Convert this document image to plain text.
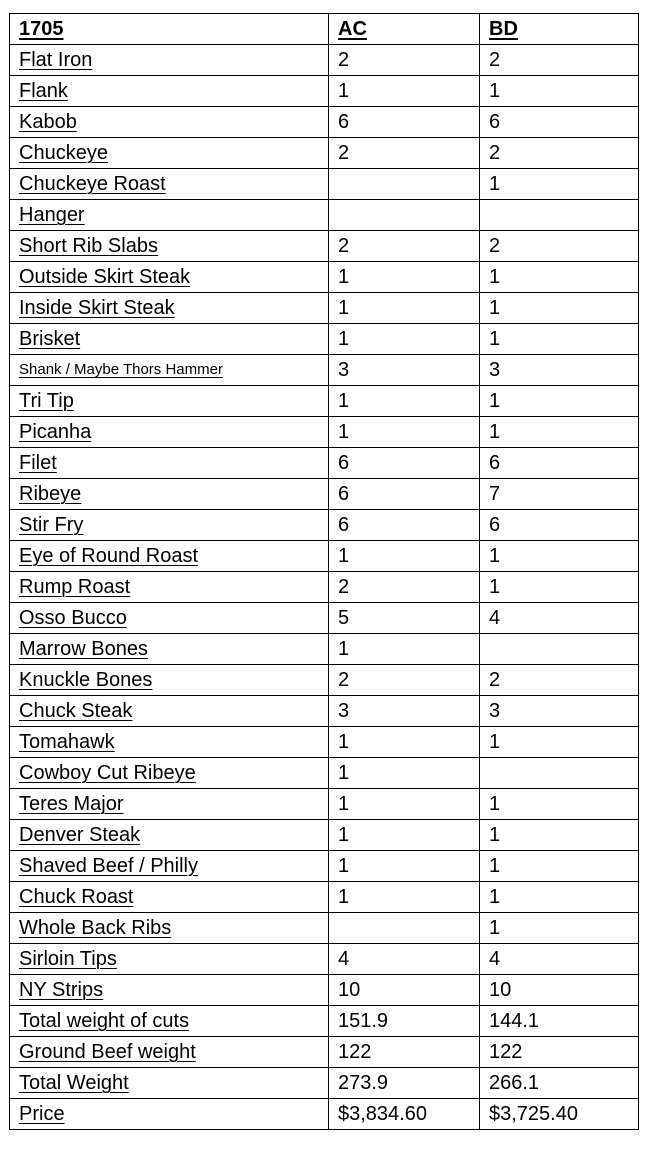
1705	AC	BD
Flat Iron	2	2
Flank	1	1
Kabob	6	6
Chuckeye	2	2
Chuckeye Roast		1
Hanger		
Short Rib Slabs	2	2
Outside Skirt Steak	1	1
Inside Skirt Steak	1	1
Brisket	1	1
Shank / Maybe Thors Hammer	3	3
Tri Tip	1	1
Picanha	1	1
Filet	6	6
Ribeye	6	7
Stir Fry	6	6
Eye of Round Roast	1	1
Rump Roast	2	1
Osso Bucco	5	4
Marrow Bones	1	
Knuckle Bones	2	2
Chuck Steak	3	3
Tomahawk	1	1
Cowboy Cut Ribeye	1	
Teres Major	1	1
Denver Steak	1	1
Shaved Beef / Philly	1	1
Chuck Roast	1	1
Whole Back Ribs		1
Sirloin Tips	4	4
NY Strips	10	10
Total weight of cuts	151.9	144.1
Ground Beef weight	122	122
Total Weight	273.9	266.1
Price	$3,834.60	$3,725.40
